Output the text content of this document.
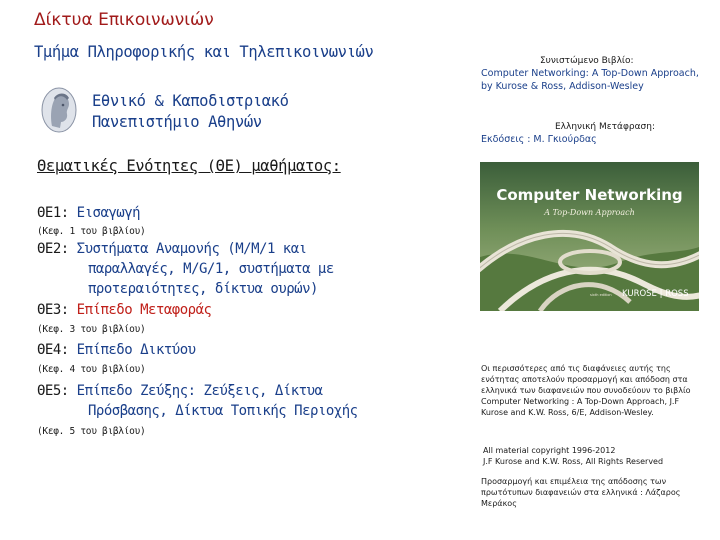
Δίκτυα Επικοινωνιών
Τμήμα Πληροφορικής και Τηλεπικοινωνιών
Εθνικό & Καποδιστριακό
Πανεπιστήμιο Αθηνών
Θεματικές Ενότητες (ΘΕ) μαθήματος:
ΘΕ1: Εισαγωγή
(Κεφ. 1 του βιβλίου)
ΘΕ2: Συστήματα Αναμονής (M/M/1 και
παραλλαγές, M/G/1, συστήματα με
προτεραιότητες, δίκτυα ουρών)
ΘΕ3: Επίπεδο Μεταφοράς
(Κεφ. 3 του βιβλίου)
ΘΕ4: Επίπεδο Δικτύου
(Κεφ. 4 του βιβλίου)
ΘΕ5: Επίπεδο Ζεύξης: Ζεύξεις, Δίκτυα
Πρόσβασης, Δίκτυα Τοπικής Περιοχής
(Κεφ. 5 του βιβλίου)
Συνιστώμενο Βιβλίο:
Computer Networking: A Top-Down Approach, by Kurose & Ross, Addison-Wesley
Ελληνική Μετάφραση:
Εκδόσεις : Μ. Γκιούρδας
Computer Networking
A Top-Down Approach
sixth edition KUROSE | ROSS
Οι περισσότερες από τις διαφάνειες αυτής της ενότητας αποτελούν προσαρμογή και απόδοση στα ελληνικά των διαφανειών που συνοδεύουν το βιβλίο Computer Networking : A Top-Down Approach, J.F Kurose and K.W. Ross, 6/E, Addison-Wesley.
All material copyright 1996-2012
J.F Kurose and K.W. Ross, All Rights Reserved
Προσαρμογή και επιμέλεια της απόδοσης των πρωτότυπων διαφανειών στα ελληνικά : Λάζαρος Μεράκος
